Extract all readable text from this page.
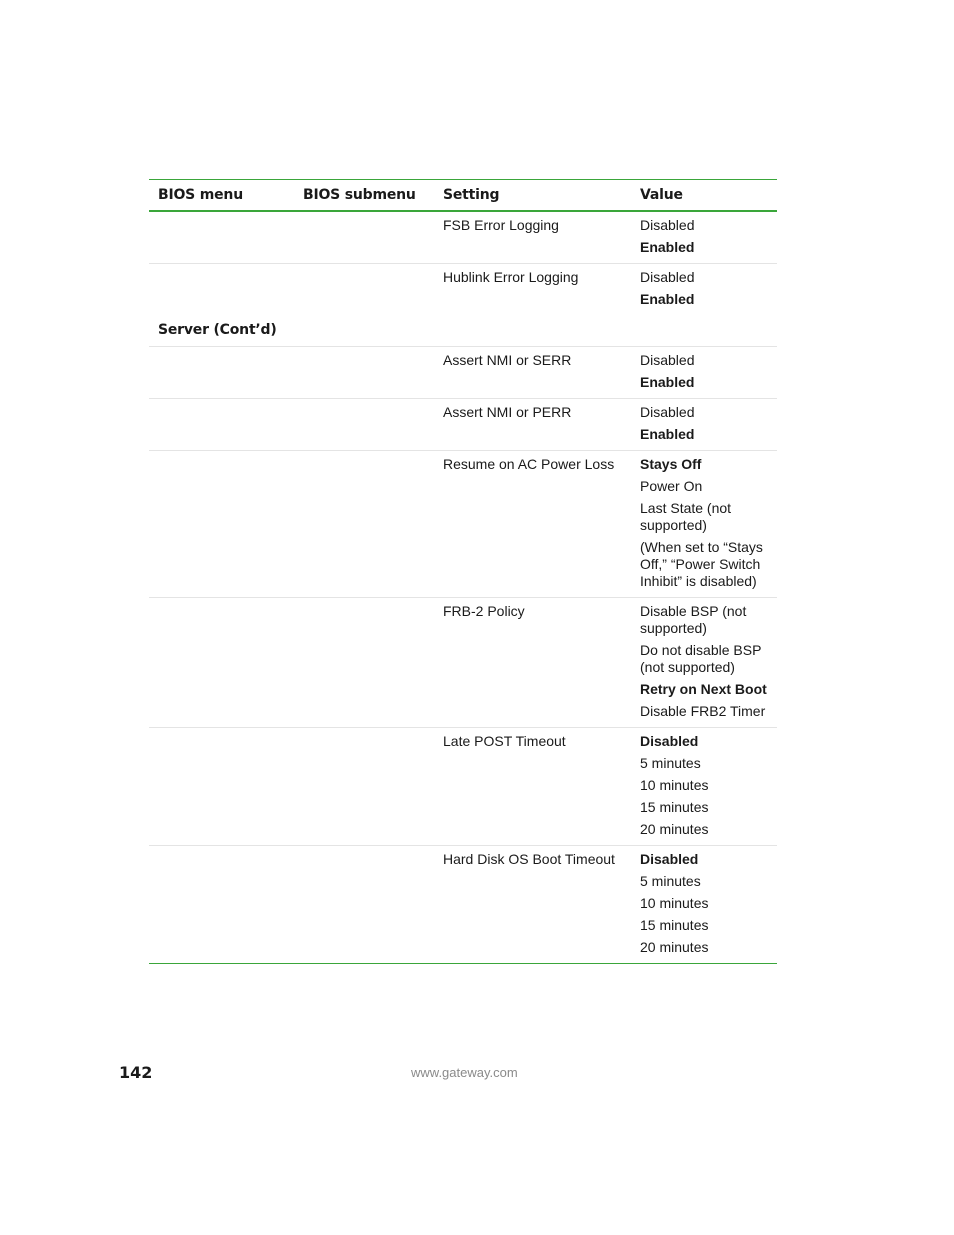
BIOS menu	BIOS submenu	Setting	Value
		FSB Error Logging	Disabled
Enabled

		Hublink Error Logging	Disabled
Enabled

Server (Cont’d)			
		Assert NMI or SERR	Disabled
Enabled

		Assert NMI or PERR	Disabled
Enabled

		Resume on AC Power Loss	Stays Off
Power On
Last State (not supported)
(When set to “Stays Off,” “Power Switch Inhibit” is disabled)

		FRB-2 Policy	Disable BSP (not supported)
Do not disable BSP (not supported)
Retry on Next Boot
Disable FRB2 Timer

		Late POST Timeout	Disabled
5 minutes
10 minutes
15 minutes
20 minutes

		Hard Disk OS Boot Timeout	Disabled
5 minutes
10 minutes
15 minutes
20 minutes
142	www.gateway.com
